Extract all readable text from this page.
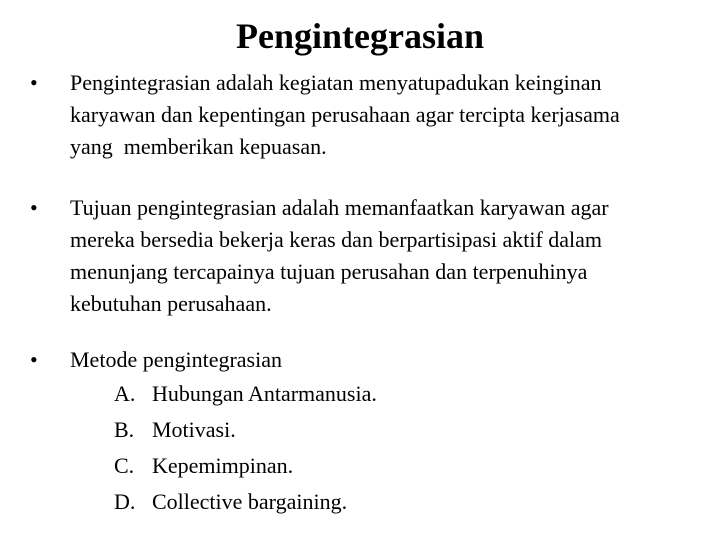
Pengintegrasian
•	Pengintegrasian adalah kegiatan menyatupadukan keinginan
karyawan dan kepentingan perusahaan agar tercipta kerjasama
yang  memberikan kepuasan.
•	Tujuan pengintegrasian adalah memanfaatkan karyawan agar
mereka bersedia bekerja keras dan berpartisipasi aktif dalam
menunjang tercapainya tujuan perusahan dan terpenuhinya
kebutuhan perusahaan.
•	Metode pengintegrasian
A. Hubungan Antarmanusia.
B. Motivasi.
C. Kepemimpinan.
D. Collective bargaining.
